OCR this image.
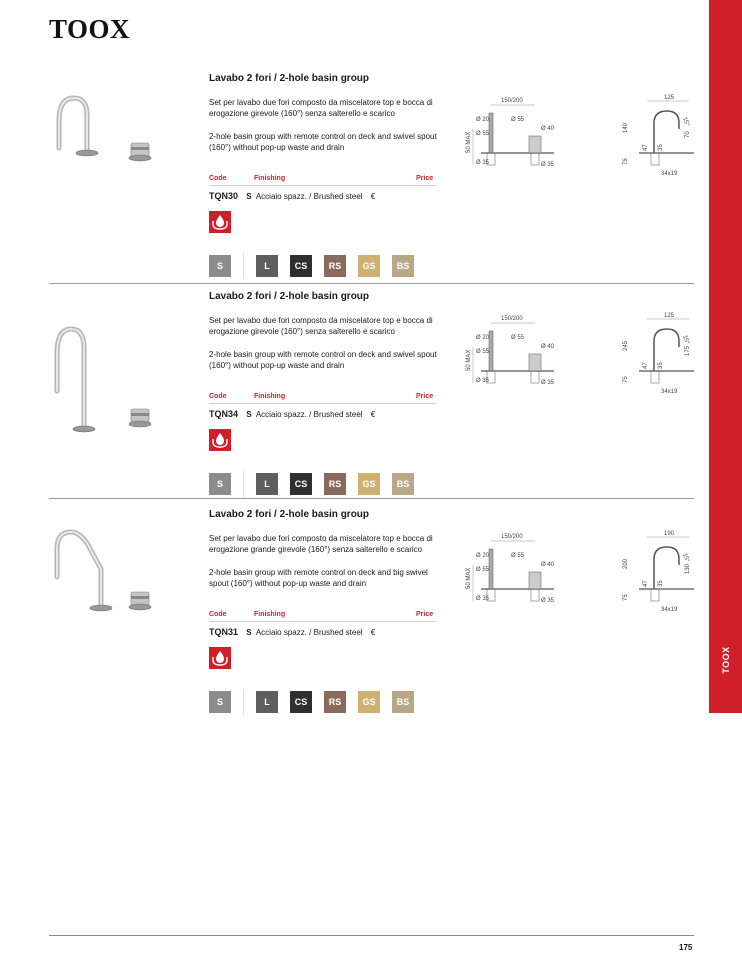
TOOX
TOOX
Lavabo 2 fori / 2-hole basin group
Set per lavabo due fori composto da miscelatore top e bocca di erogazione girevole (160°) senza salterello e scarico
2-hole basin group with remote control on deck and swivel spout (160°) without pop-up waste and drain
Code	Finishing	Price
TQN30 S Acciaio spazz. / Brushed steel €
S	L	CS	RS	GS	BS
150/200
50 MAX
Ø 20	Ø 55
Ø 55
Ø 40
Ø 35	Ø 35
125
140
70
15°
75
47 35
34x19
Lavabo 2 fori / 2-hole basin group
Set per lavabo due fori composto da miscelatore top e bocca di erogazione girevole (160°) senza salterello e scarico
2-hole basin group with remote control on deck and swivel spout (160°) without pop-up waste and drain
Code	Finishing	Price
TQN34 S Acciaio spazz. / Brushed steel €
S	L	CS	RS	GS	BS
150/200
50 MAX
Ø 20	Ø 55
Ø 55
Ø 40
Ø 35	Ø 35
125
245	175
15°
75
47 35
34x19
Lavabo 2 fori / 2-hole basin group
Set per lavabo due fori composto da miscelatore top e bocca di erogazione grande girevole (160°) senza salterello e scarico
2-hole basin group with remote control on deck and big swivel spout (160°) without pop-up waste and drain
Code	Finishing	Price
TQN31 S Acciaio spazz. / Brushed steel €
S	L	CS	RS	GS	BS
150/200
50 MAX
Ø 20	Ø 55
Ø 55
Ø 40
Ø 35	Ø 35
190
200	130
15°
75
47 35
34x19
175
